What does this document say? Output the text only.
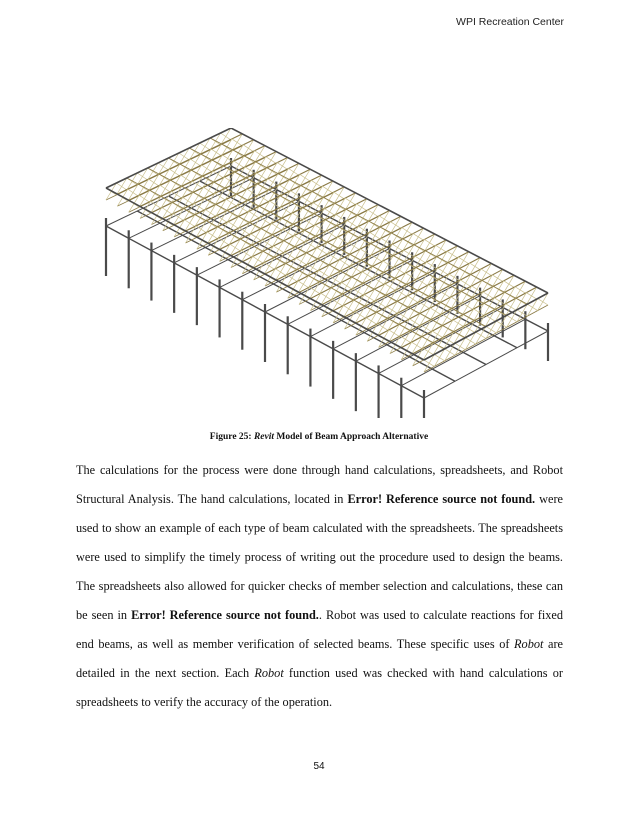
WPI Recreation Center
Figure 25: Revit Model of Beam Approach Alternative

The calculations for the process were done through hand calculations, spreadsheets, and Robot Structural Analysis. The hand calculations, located in Error! Reference source not found. were used to show an example of each type of beam calculated with the spreadsheets. The spreadsheets were used to simplify the timely process of writing out the procedure used to design the beams. The spreadsheets also allowed for quicker checks of member selection and calculations, these can be seen in Error! Reference source not found.. Robot was used to calculate reactions for fixed end beams, as well as member verification of selected beams. These specific uses of Robot are detailed in the next section. Each Robot function used was checked with hand calculations or spreadsheets to verify the accuracy of the operation.

54
